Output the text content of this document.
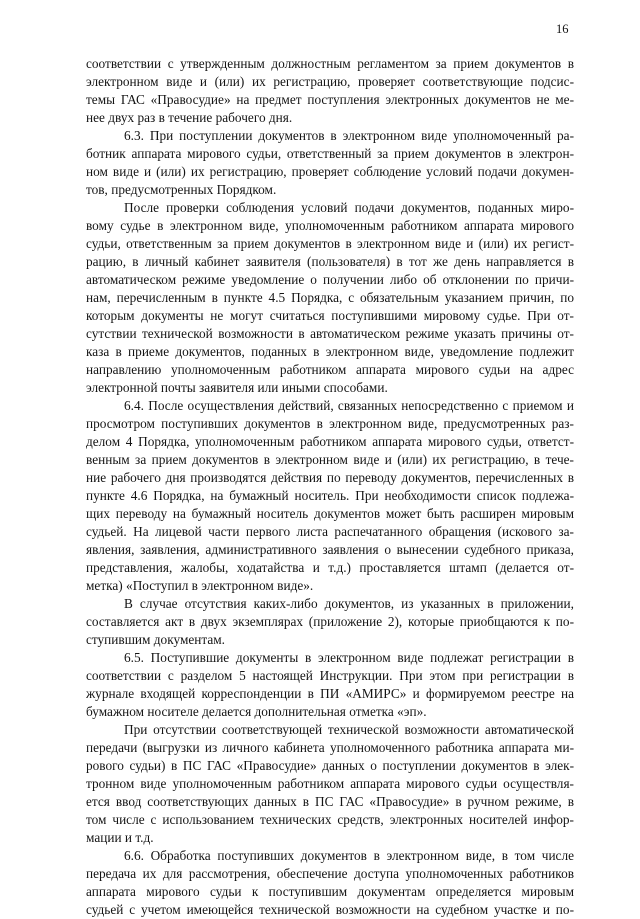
16
соответствии с утвержденным должностным регламентом за прием документов в
электронном виде и (или) их регистрацию, проверяет соответствующие подсис-
темы ГАС «Правосудие» на предмет поступления электронных документов не ме-
нее двух раз в течение рабочего дня.
6.3. При поступлении документов в электронном виде уполномоченный ра-
ботник аппарата мирового судьи, ответственный за прием документов в электрон-
ном виде и (или) их регистрацию, проверяет соблюдение условий подачи докумен-
тов, предусмотренных Порядком.
После проверки соблюдения условий подачи документов, поданных миро-
вому судье в электронном виде, уполномоченным работником аппарата мирового
судьи, ответственным за прием документов в электронном виде и (или) их регист-
рацию, в личный кабинет заявителя (пользователя) в тот же день направляется в
автоматическом режиме уведомление о получении либо об отклонении по причи-
нам, перечисленным в пункте 4.5 Порядка, с обязательным указанием причин, по
которым документы не могут считаться поступившими мировому судье. При от-
сутствии технической возможности в автоматическом режиме указать причины от-
каза в приеме документов, поданных в электронном виде, уведомление подлежит
направлению уполномоченным работником аппарата мирового судьи на адрес
электронной почты заявителя или иными способами.
6.4. После осуществления действий, связанных непосредственно с приемом и
просмотром поступивших документов в электронном виде, предусмотренных раз-
делом 4 Порядка, уполномоченным работником аппарата мирового судьи, ответст-
венным за прием документов в электронном виде и (или) их регистрацию, в тече-
ние рабочего дня производятся действия по переводу документов, перечисленных в
пункте 4.6 Порядка, на бумажный носитель. При необходимости список подлежа-
щих переводу на бумажный носитель документов может быть расширен мировым
судьей. На лицевой части первого листа распечатанного обращения (искового за-
явления, заявления, административного заявления о вынесении судебного приказа,
представления, жалобы, ходатайства и т.д.) проставляется штамп (делается от-
метка) «Поступил в электронном виде».
В случае отсутствия каких-либо документов, из указанных в приложении,
составляется акт в двух экземплярах (приложение 2), которые приобщаются к по-
ступившим документам.
6.5. Поступившие документы в электронном виде подлежат регистрации в
соответствии с разделом 5 настоящей Инструкции. При этом при регистрации в
журнале входящей корреспонденции в ПИ «АМИРС» и формируемом реестре на
бумажном носителе делается дополнительная отметка «эп».
При отсутствии соответствующей технической возможности автоматической
передачи (выгрузки из личного кабинета уполномоченного работника аппарата ми-
рового судьи) в ПС ГАС «Правосудие» данных о поступлении документов в элек-
тронном виде уполномоченным работником аппарата мирового судьи осуществля-
ется ввод соответствующих данных в ПС ГАС «Правосудие» в ручном режиме, в
том числе с использованием технических средств, электронных носителей инфор-
мации и т.д.
6.6. Обработка поступивших документов в электронном виде, в том числе
передача их для рассмотрения, обеспечение доступа уполномоченных работников
аппарата мирового судьи к поступившим документам определяется мировым
судьей с учетом имеющейся технической возможности на судебном участке и по-
